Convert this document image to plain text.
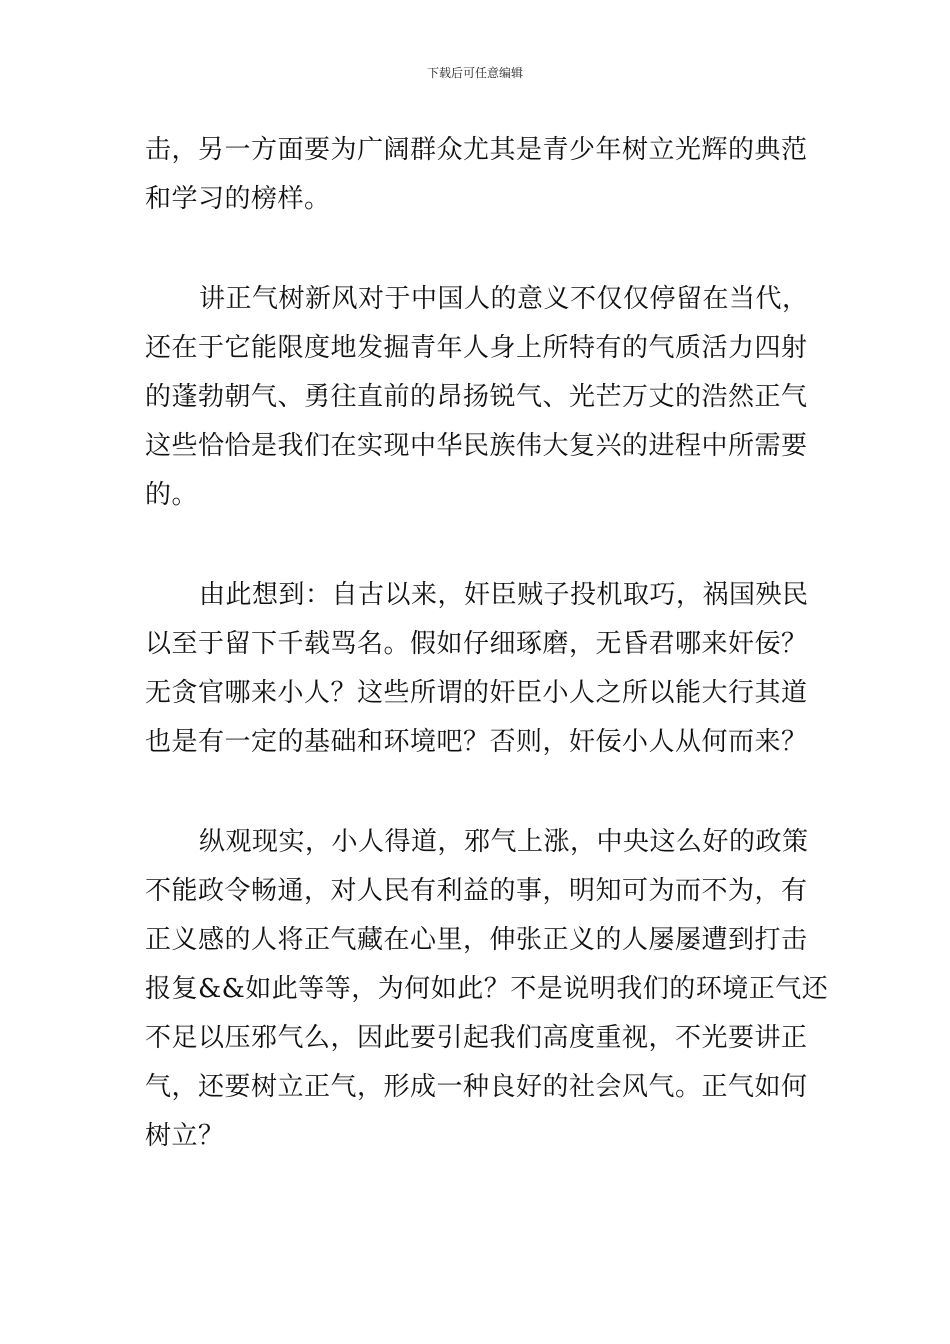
下载后可任意编辑
击，另一方面要为广阔群众尤其是青少年树立光辉的典范
和学习的榜样。
讲正气树新风对于中国人的意义不仅仅停留在当代，
还在于它能限度地发掘青年人身上所特有的气质活力四射
的蓬勃朝气、勇往直前的昂扬锐气、光芒万丈的浩然正气
这些恰恰是我们在实现中华民族伟大复兴的进程中所需要
的。
由此想到：自古以来，奸臣贼子投机取巧，祸国殃民
以至于留下千载骂名。假如仔细琢磨，无昏君哪来奸佞？
无贪官哪来小人？这些所谓的奸臣小人之所以能大行其道
也是有一定的基础和环境吧？否则，奸佞小人从何而来？
纵观现实，小人得道，邪气上涨，中央这么好的政策
不能政令畅通，对人民有利益的事，明知可为而不为，有
正义感的人将正气藏在心里，伸张正义的人屡屡遭到打击
报复&&如此等等，为何如此？不是说明我们的环境正气还
不足以压邪气么，因此要引起我们高度重视，不光要讲正
气，还要树立正气，形成一种良好的社会风气。正气如何
树立？
